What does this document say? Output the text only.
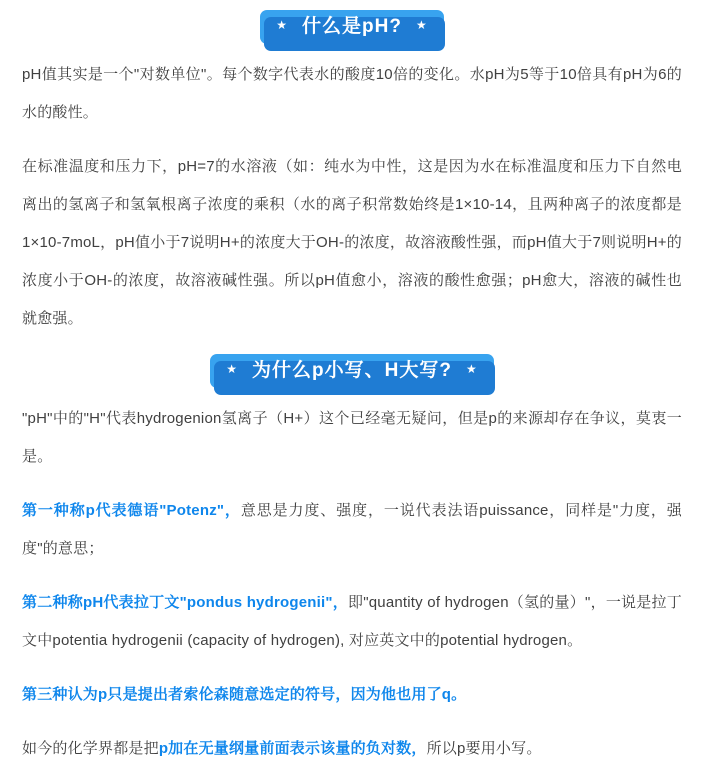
★ 什么是pH? ★

pH值其实是一个"对数单位"。每个数字代表水的酸度10倍的变化。水pH为5等于10倍具有pH为6的水的酸性。

在标准温度和压力下，pH=7的水溶液（如：纯水为中性，这是因为水在标准温度和压力下自然电离出的氢离子和氢氧根离子浓度的乘积（水的离子积常数始终是1×10-14，且两种离子的浓度都是1×10-7moL，pH值小于7说明H+的浓度大于OH-的浓度，故溶液酸性强，而pH值大于7则说明H+的浓度小于OH-的浓度，故溶液碱性强。所以pH值愈小，溶液的酸性愈强；pH愈大，溶液的碱性也就愈强。

★ 为什么p小写、H大写? ★

"pH"中的"H"代表hydrogenion氢离子（H+）这个已经毫无疑问，但是p的来源却存在争议，莫衷一是。

第一种称p代表德语"Potenz"，意思是力度、强度，一说代表法语puissance，同样是"力度，强度"的意思；

第二种称pH代表拉丁文"pondus hydrogenii"，即"quantity of hydrogen（氢的量）"，一说是拉丁文中potentia hydrogenii (capacity of hydrogen), 对应英文中的potential hydrogen。

第三种认为p只是提出者索伦森随意选定的符号，因为他也用了q。

如今的化学界都是把p加在无量纲量前面表示该量的负对数，所以p要用小写。
